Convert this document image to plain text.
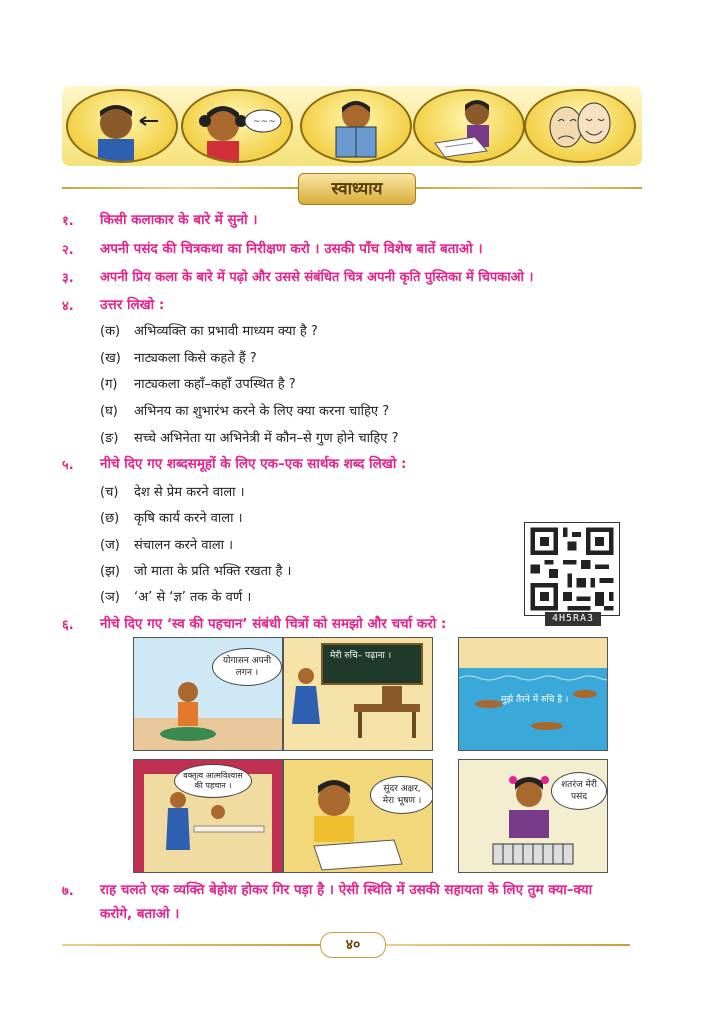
~~~
स्वाध्याय
१. किसी कलाकार के बारे में सुनो ।
२. अपनी पसंद की चित्रकथा का निरीक्षण करो । उसकी पाँच विशेष बातें बताओ ।
३. अपनी प्रिय कला के बारे में पढ़ो और उससे संबंधित चित्र अपनी कृति पुस्तिका में चिपकाओ ।
४. उत्तर लिखो :
(क) अभिव्यक्ति का प्रभावी माध्यम क्या है ?
(ख) नाट्यकला किसे कहते हैं ?
(ग) नाट्यकला कहाँ–कहाँ उपस्थित है ?
(घ) अभिनय का शुभारंभ करने के लिए क्या करना चाहिए ?
(ङ) सच्चे अभिनेता या अभिनेत्री में कौन–से गुण होने चाहिए ?
५. नीचे दिए गए शब्दसमूहों के लिए एक–एक सार्थक शब्द लिखो :
(च) देश से प्रेम करने वाला ।
(छ) कृषि कार्य करने वाला ।
(ज) संचालन करने वाला ।
(झ) जो माता के प्रति भक्ति रखता है ।
(ञ) ‘अ’ से ‘ज्ञ’ तक के वर्ण ।
4H5RA3
६. नीचे दिए गए ‘स्व की पहचान’ संबंधी चित्रों को समझो और चर्चा करो :
योगासन अपनी लगन ।
मेरी रुचि– पढ़ाना ।
मुझे तैरने में रुचि है ।
वक्तृत्व आत्मविश्वास की पहचान ।	सुंदर अक्षर, मेरा भूषण ।
शतरंज मेरी पसंद
७. राह चलते एक व्यक्ति बेहोश होकर गिर पड़ा है । ऐसी स्थिति में उसकी सहायता के लिए तुम क्या–क्या
करोगे, बताओ ।
४०
